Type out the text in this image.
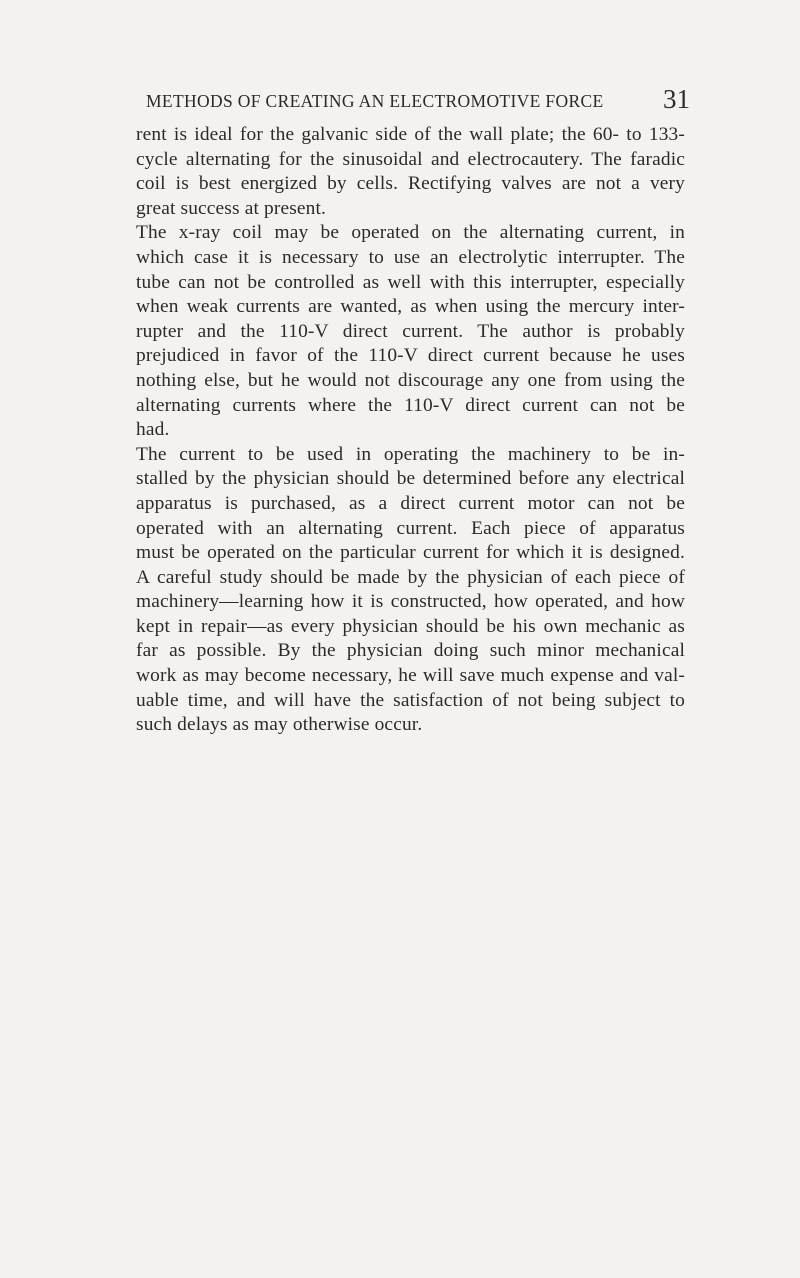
METHODS OF CREATING AN ELECTROMOTIVE FORCE 31
rent is ideal for the galvanic side of the wall plate; the 60- to 133-
cycle alternating for the sinusoidal and electrocautery. The faradic
coil is best energized by cells. Rectifying valves are not a very
great success at present.
The x-ray coil may be operated on the alternating current, in
which case it is necessary to use an electrolytic interrupter. The
tube can not be controlled as well with this interrupter, especially
when weak currents are wanted, as when using the mercury inter-
rupter and the 110-V direct current. The author is probably
prejudiced in favor of the 110-V direct current because he uses
nothing else, but he would not discourage any one from using the
alternating currents where the 110-V direct current can not be
had.
The current to be used in operating the machinery to be in-
stalled by the physician should be determined before any electrical
apparatus is purchased, as a direct current motor can not be
operated with an alternating current. Each piece of apparatus
must be operated on the particular current for which it is designed.
A careful study should be made by the physician of each piece of
machinery—learning how it is constructed, how operated, and how
kept in repair—as every physician should be his own mechanic as
far as possible. By the physician doing such minor mechanical
work as may become necessary, he will save much expense and val-
uable time, and will have the satisfaction of not being subject to
such delays as may otherwise occur.
